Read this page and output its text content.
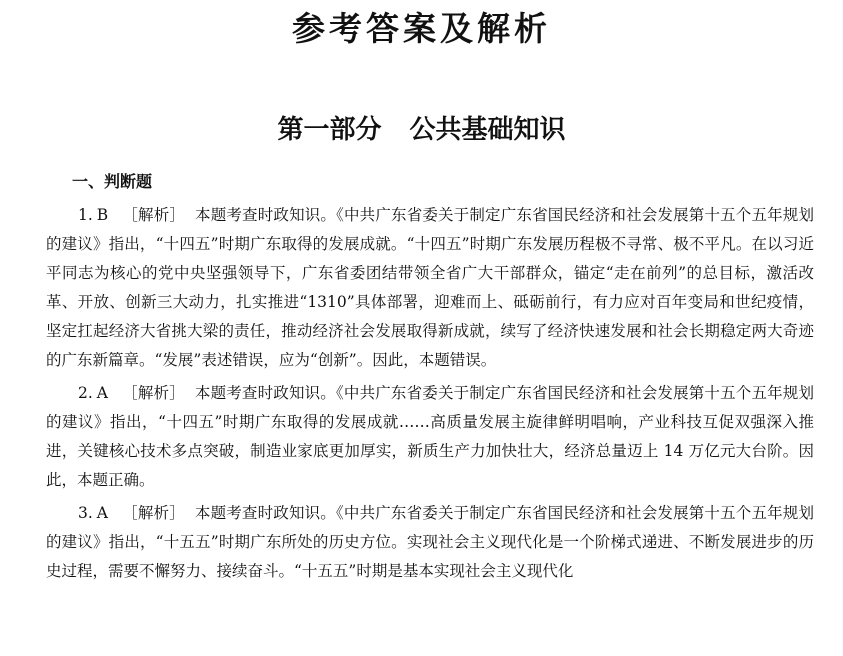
参考答案及解析
第一部分 公共基础知识
一、判断题

1. B ［解析］ 本题考查时政知识。《中共广东省委关于制定广东省国民经济和社会发展第十五个五年规划的建议》指出，“十四五”时期广东取得的发展成就。“十四五”时期广东发展历程极不寻常、极不平凡。在以习近平同志为核心的党中央坚强领导下，广东省委团结带领全省广大干部群众，锚定“走在前列”的总目标，激活改革、开放、创新三大动力，扎实推进“1310”具体部署，迎难而上、砥砺前行，有力应对百年变局和世纪疫情，坚定扛起经济大省挑大梁的责任，推动经济社会发展取得新成就，续写了经济快速发展和社会长期稳定两大奇迹的广东新篇章。“发展”表述错误，应为“创新”。因此，本题错误。

2. A ［解析］ 本题考查时政知识。《中共广东省委关于制定广东省国民经济和社会发展第十五个五年规划的建议》指出，“十四五”时期广东取得的发展成就……高质量发展主旋律鲜明唱响，产业科技互促双强深入推进，关键核心技术多点突破，制造业家底更加厚实，新质生产力加快壮大，经济总量迈上 14 万亿元大台阶。因此，本题正确。

3. A ［解析］ 本题考查时政知识。《中共广东省委关于制定广东省国民经济和社会发展第十五个五年规划的建议》指出，“十五五”时期广东所处的历史方位。实现社会主义现代化是一个阶梯式递进、不断发展进步的历史过程，需要不懈努力、接续奋斗。“十五五”时期是基本实现社会主义现代化
